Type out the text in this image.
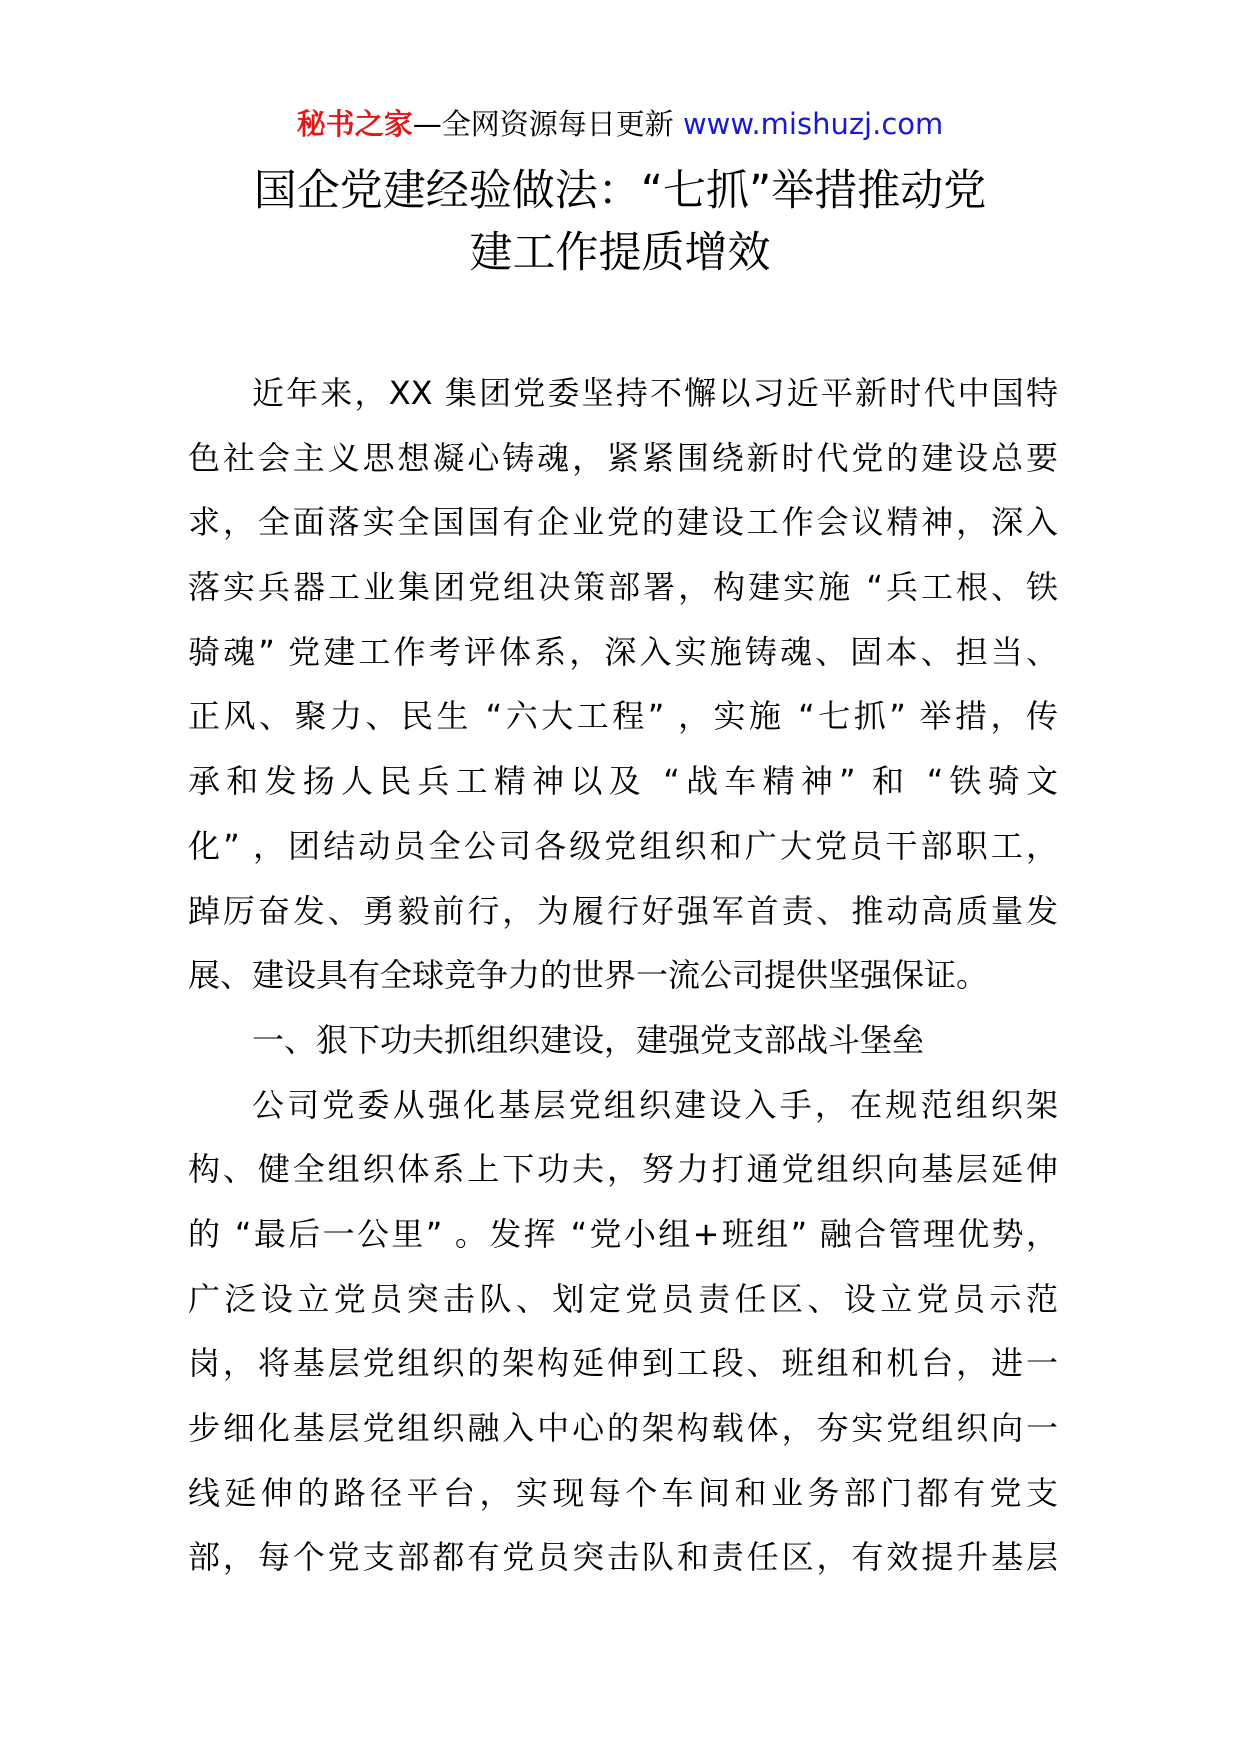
秘书之家—全网资源每日更新 www.mishuzj.com
国企党建经验做法：“七抓”举措推动党
建工作提质增效
近年来，XX 集团党委坚持不懈以习近平新时代中国特
色社会主义思想凝心铸魂，紧紧围绕新时代党的建设总要
求，全面落实全国国有企业党的建设工作会议精神，深入
落实兵器工业集团党组决策部署，构建实施 “兵工根、铁
骑魂” 党建工作考评体系，深入实施铸魂、固本、担当、
正风、聚力、民生 “六大工程” ，实施 “七抓” 举措，传
承和发扬人民兵工精神以及 “战车精神” 和 “铁骑文
化” ，团结动员全公司各级党组织和广大党员干部职工，
踔厉奋发、勇毅前行，为履行好强军首责、推动高质量发
展、建设具有全球竞争力的世界一流公司提供坚强保证。
一、狠下功夫抓组织建设，建强党支部战斗堡垒
公司党委从强化基层党组织建设入手，在规范组织架
构、健全组织体系上下功夫，努力打通党组织向基层延伸
的 “最后一公里” 。发挥 “党小组+班组” 融合管理优势，
广泛设立党员突击队、划定党员责任区、设立党员示范
岗，将基层党组织的架构延伸到工段、班组和机台，进一
步细化基层党组织融入中心的架构载体，夯实党组织向一
线延伸的路径平台，实现每个车间和业务部门都有党支
部，每个党支部都有党员突击队和责任区，有效提升基层
